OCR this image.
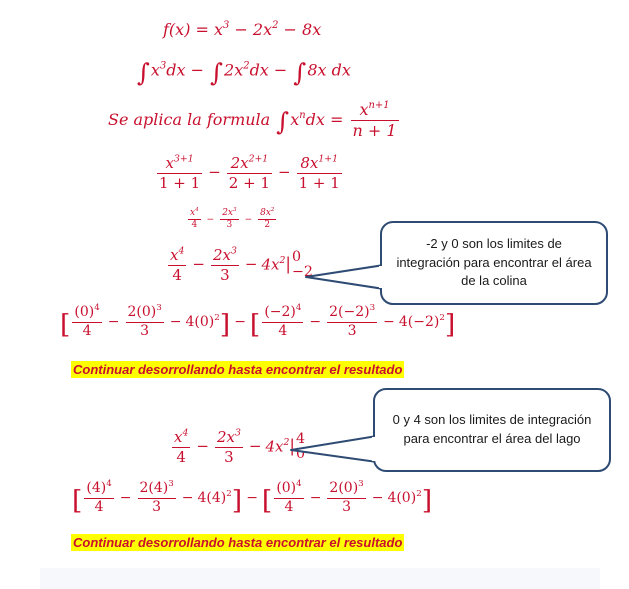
$f(x) = x^3 - 2x^2 - 8x$
$\int x^3dx - \int 2x^2dx - \int 8x$ dx
Se aplica la formula $\int x^ndx = \frac{x^{n+1}}{n + 1}$
$\frac{x^{3+1}}{1 + 1} - \frac{2x^{2+1}}{2 + 1} - \frac{8x^{1+1}}{1 + 1}$
$\frac{x^4}{4} - \frac{2x^3}{3} - \frac{8x^2}{2}$
$\frac{x^4}{4} - \frac{2x^3}{3} - 4x^2|$ 0
−2
[ $\frac{(0)^4}{4} - \frac{2(0)^3}{3} - 4(0)^2$] − [ $\frac{(-2)^4}{4} - \frac{2(-2)^3}{3} - 4(-2)^2$]
Continuar desorrollando hasta encontrar el resultado
-2 y 0 son los limites de
integración para encontrar el área
de la colina
$\frac{x^4}{4} - \frac{2x^3}{3} - 4x^2|$ 4
0
0 y 4 son los limites de integración
para encontrar el área del lago
[ $\frac{(4)^4}{4} - \frac{2(4)^3}{3} - 4(4)^2$] − [ $\frac{(0)^4}{4} - \frac{2(0)^3}{3} - 4(0)^2$]
Continuar desorrollando hasta encontrar el resultado
